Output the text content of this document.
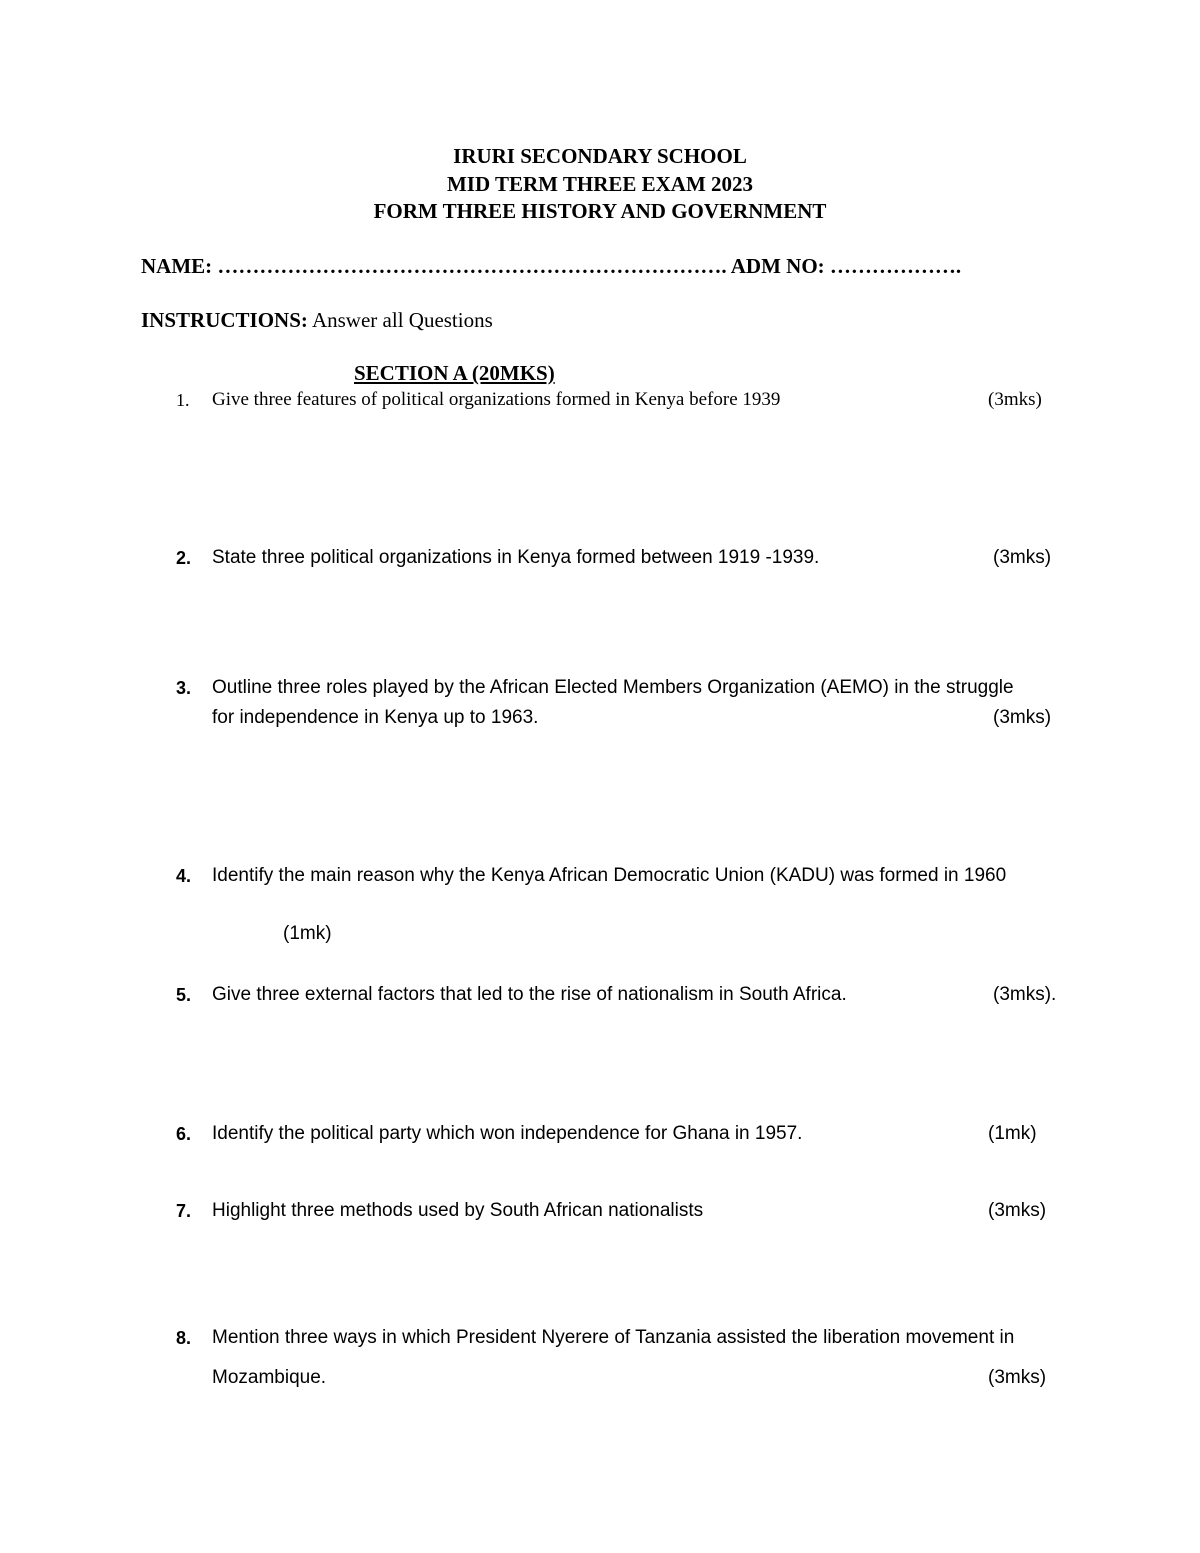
IRURI SECONDARY SCHOOL
MID TERM THREE EXAM 2023
FORM THREE HISTORY AND GOVERNMENT
NAME: ………………………………………………………………. ADM NO: ……………….
INSTRUCTIONS: Answer all Questions
SECTION A (20MKS)
1. Give three features of political organizations formed in Kenya before 1939	(3mks)
2. State three political organizations in Kenya formed between 1919 -1939.	(3mks)
3. Outline three roles played by the African Elected Members Organization (AEMO) in the struggle
for independence in Kenya up to 1963.	(3mks)
4. Identify the main reason why the Kenya African Democratic Union (KADU) was formed in 1960
(1mk)
5. Give three external factors that led to the rise of nationalism in South Africa.	(3mks).
6. Identify the political party which won independence for Ghana in 1957.	(1mk)
7. Highlight three methods used by South African nationalists	(3mks)
8. Mention three ways in which President Nyerere of Tanzania assisted the liberation movement in
Mozambique.	(3mks)
